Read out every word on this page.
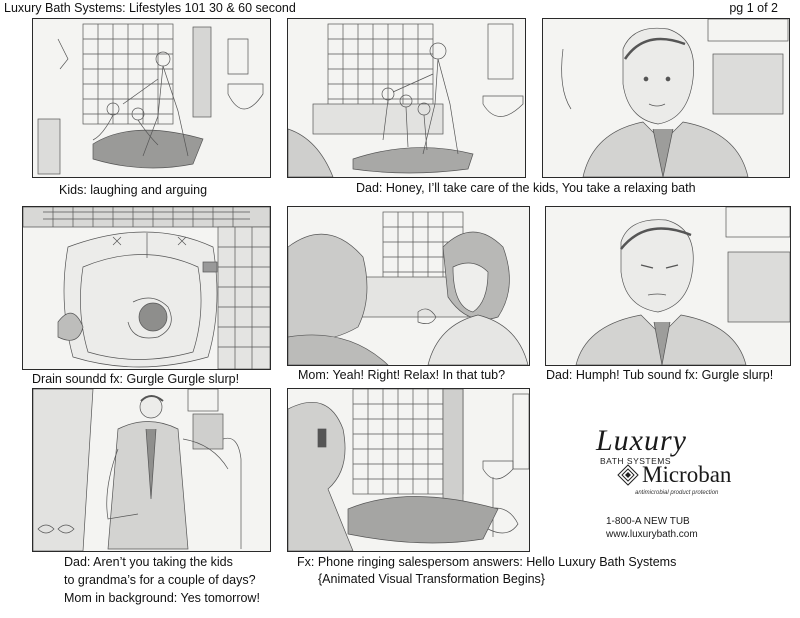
Luxury Bath Systems: Lifestyles 101 30 & 60 second	pg 1 of 2
Kids: laughing and arguing	Dad: Honey, I’ll take care of the kids, You take a relaxing bath
Drain soundd fx: Gurgle Gurgle slurp!	Mom: Yeah! Right! Relax! In that tub?	Dad: Humph! Tub sound fx: Gurgle slurp!
Luxury
BATH SYSTEMS
Microban
antimicrobial product protection
1-800-A NEW TUB
www.luxurybath.com
Dad: Aren’t you taking the kids
to grandma’s for a couple of days?
Mom in background: Yes tomorrow!
Fx: Phone ringing salespersom answers: Hello Luxury Bath Systems
{Animated Visual Transformation Begins}
